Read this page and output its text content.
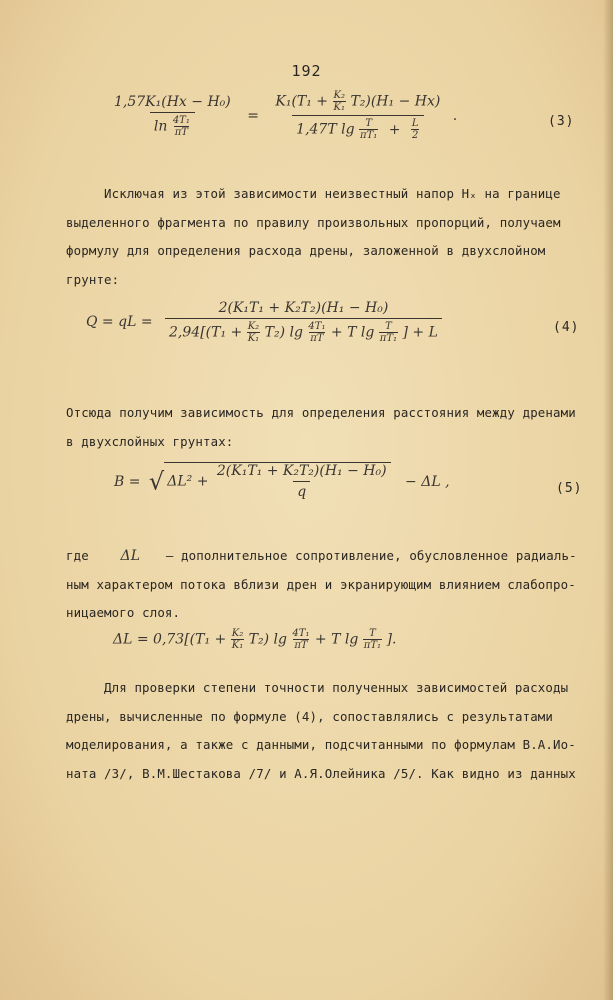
192
$\frac{\text{1,57K₁(Hx − H₀)}}{\ln \frac{\text{4T₁}}{\pi T}}$ =
$K_1(T_1 + \frac{\text{K₂}}{\text{K₁}} T_2)(H_1 - Hx)$
1,47T $\lg \frac{T}{\text{πT₁}} + \frac{L}{2}$
.	(3)
Исключая из этой зависимости неизвестный напор Hₓ на границе
выделенного фрагмента по правилу произвольных пропорций, получаем
формулу для определения расхода дрены, заложенной в двухслойном
грунте:
Q = qL =
2(K₁T₁ + K₂T₂)(H₁ − H₀)
$2,94[(T_1 + \frac{\text{K₂}}{\text{K₁}} T_2)$ $\lg \frac{\text{4T₁}}{\pi T} + T$ $\lg \frac{T}{\text{πT₁}}$ ] + L	(4)
Отсюда получим зависимость для определения расстояния между дренами
в двухслойных грунтах:
B = √ $\Delta L^2 + \frac{\text{2(K₁T₁ + K₂T₂)(H₁ − H₀)}}{q} - \Delta L$ ,	(5)
где ΔL – дополнительное сопротивление, обусловленное радиаль-
ным характером потока вблизи дрен и экранирующим влиянием слабопро-
ницаемого слоя.
$\Delta L = 0,73[(T_1 + \frac{\text{K₂}}{\text{K₁}} T_2)$ $\lg \frac{\text{4T₁}}{\pi T} + T$ $\lg \frac{T}{\text{πT₁}}$ ].
Для проверки степени точности полученных зависимостей расходы
дрены, вычисленные по формуле (4), сопоставлялись с результатами
моделирования, а также с данными, подсчитанными по формулам В.А.Ио-
ната /3/, В.М.Шестакова /7/ и А.Я.Олейника /5/. Как видно из данных
